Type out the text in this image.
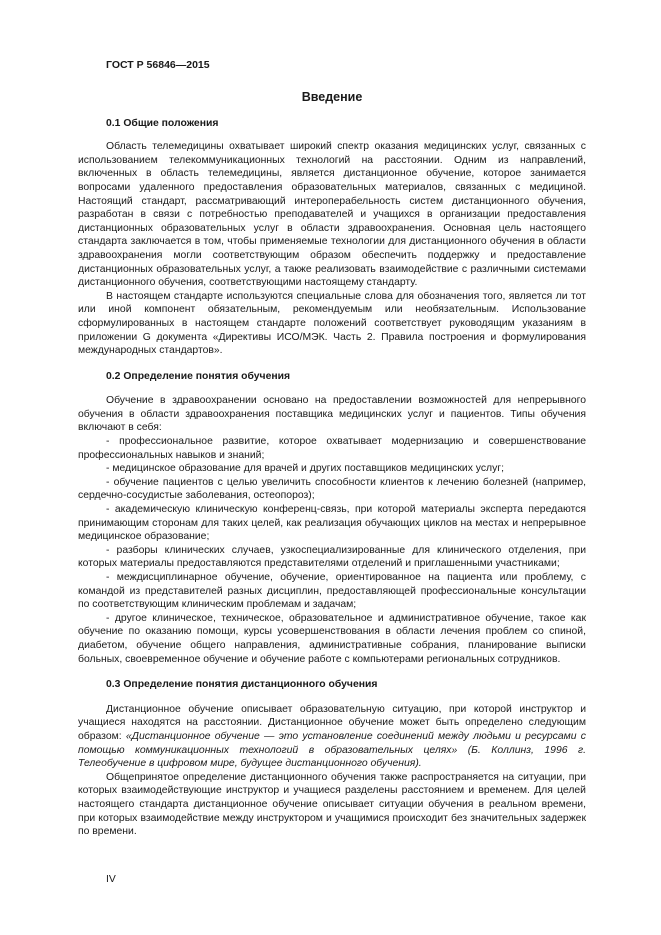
ГОСТ Р 56846—2015

Введение
0.1 Общие положения

Область телемедицины охватывает широкий спектр оказания медицинских услуг, связанных с использованием телекоммуникационных технологий на расстоянии. Одним из направлений, включенных в область телемедицины, является дистанционное обучение, которое занимается вопросами удаленного предоставления образовательных материалов, связанных с медициной. Настоящий стандарт, рассматривающий интероперабельность систем дистанционного обучения, разработан в связи с потребностью преподавателей и учащихся в организации предоставления дистанционных образовательных услуг в области здравоохранения. Основная цель настоящего стандарта заключается в том, чтобы применяемые технологии для дистанционного обучения в области здравоохранения могли соответствующим образом обеспечить поддержку и предоставление дистанционных образовательных услуг, а также реализовать взаимодействие с различными системами дистанционного обучения, соответствующими настоящему стандарту.

В настоящем стандарте используются специальные слова для обозначения того, является ли тот или иной компонент обязательным, рекомендуемым или необязательным. Использование сформулированных в настоящем стандарте положений соответствует руководящим указаниям в приложении G документа «Директивы ИСО/МЭК. Часть 2. Правила построения и формулирования международных стандартов».

0.2 Определение понятия обучения

Обучение в здравоохранении основано на предоставлении возможностей для непрерывного обучения в области здравоохранения поставщика медицинских услуг и пациентов. Типы обучения включают в себя:

- профессиональное развитие, которое охватывает модернизацию и совершенствование профессиональных навыков и знаний;

- медицинское образование для врачей и других поставщиков медицинских услуг;

- обучение пациентов с целью увеличить способности клиентов к лечению болезней (например, сердечно-сосудистые заболевания, остеопороз);

- академическую клиническую конференц-связь, при которой материалы эксперта передаются принимающим сторонам для таких целей, как реализация обучающих циклов на местах и непрерывное медицинское образование;

- разборы клинических случаев, узкоспециализированные для клинического отделения, при которых материалы предоставляются представителями отделений и приглашенными участниками;

- междисциплинарное обучение, обучение, ориентированное на пациента или проблему, с командой из представителей разных дисциплин, предоставляющей профессиональные консультации по соответствующим клиническим проблемам и задачам;

- другое клиническое, техническое, образовательное и административное обучение, такое как обучение по оказанию помощи, курсы усовершенствования в области лечения проблем со спиной, диабетом, обучение общего направления, административные собрания, планирование выписки больных, своевременное обучение и обучение работе с компьютерами региональных сотрудников.

0.3 Определение понятия дистанционного обучения

Дистанционное обучение описывает образовательную ситуацию, при которой инструктор и учащиеся находятся на расстоянии. Дистанционное обучение может быть определено следующим образом: «Дистанционное обучение — это установление соединений между людьми и ресурсами с помощью коммуникационных технологий в образовательных целях» (Б. Коллинз, 1996 г. Телеобучение в цифровом мире, будущее дистанционного обучения).

Общепринятое определение дистанционного обучения также распространяется на ситуации, при которых взаимодействующие инструктор и учащиеся разделены расстоянием и временем. Для целей настоящего стандарта дистанционное обучение описывает ситуации обучения в реальном времени, при которых взаимодействие между инструктором и учащимися происходит без значительных задержек по времени.

IV
